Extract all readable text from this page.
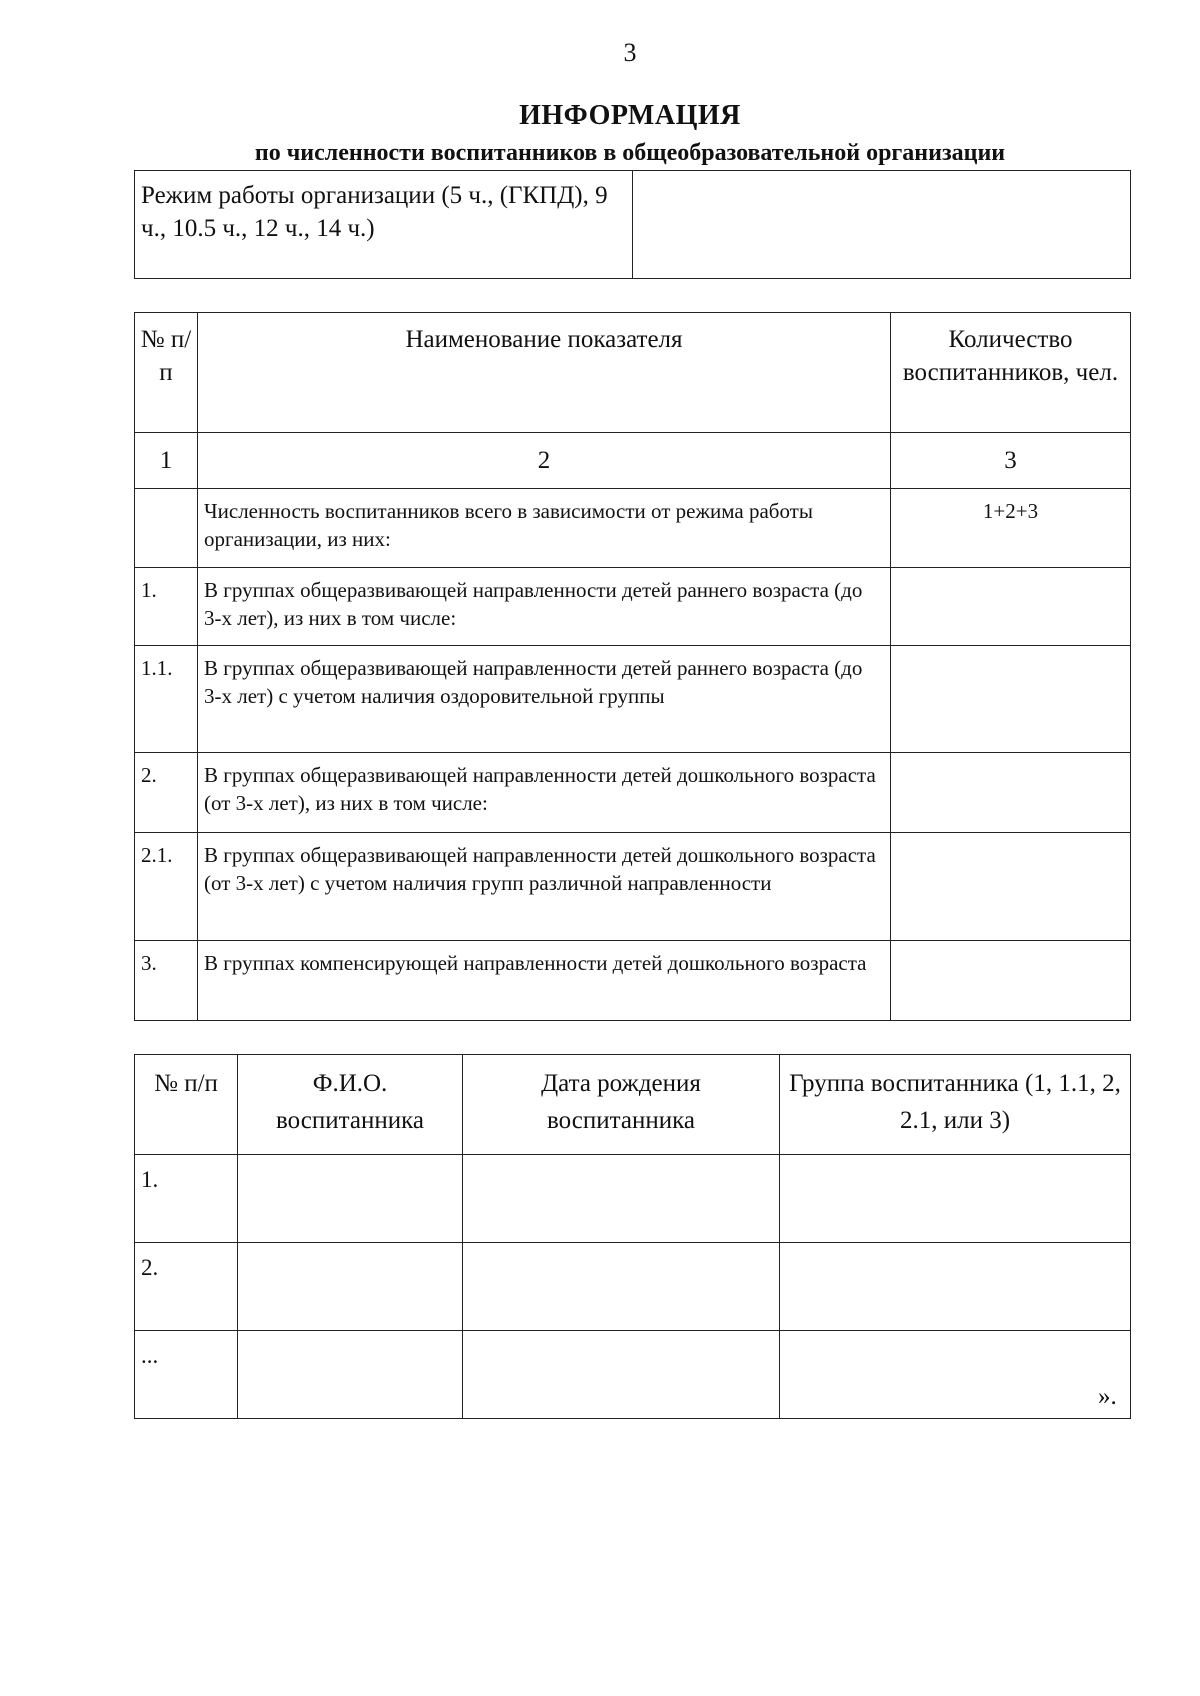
3
ИНФОРМАЦИЯ
по численности воспитанников в общеобразовательной организации
Режим работы организации (5 ч., (ГКПД), 9 ч., 10.5 ч., 12 ч., 14 ч.)	
№ п/п	Наименование показателя	Количество воспитанников, чел.
1	2	3
	Численность воспитанников всего в зависимости от режима работы организации, из них:	1+2+3
1.	В группах общеразвивающей направленности детей раннего возраста (до 3-х лет), из них в том числе:	
1.1.	В группах общеразвивающей направленности детей раннего возраста (до 3-х лет) с учетом наличия оздоровительной группы	
2.	В группах общеразвивающей направленности детей дошкольного возраста (от 3-х лет), из них в том числе:	
2.1.	В группах общеразвивающей направленности детей дошкольного возраста (от 3-х лет) с учетом наличия групп различной направленности	
3.	В группах компенсирующей направленности детей дошкольного возраста	
№ п/п	Ф.И.О. воспитанника	Дата рождения воспитанника	Группа воспитанника (1, 1.1, 2, 2.1, или 3)
1.			
2.			
...			
».
